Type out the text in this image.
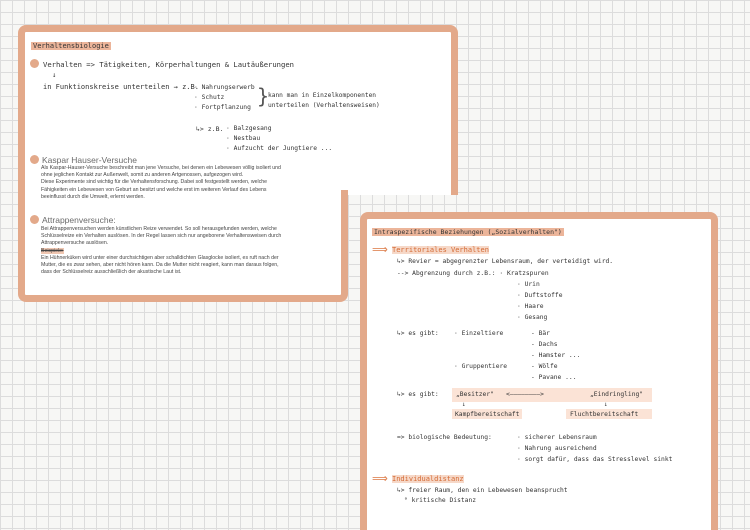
Verhaltensbiologie
Verhalten => Tätigkeiten, Körperhaltungen & Lautäußerungen
↓
in Funktionskreise unterteilen → z.B.
· Nahrungserwerb
· Schutz
· Fortpflanzung }
kann man in Einzelkomponenten
unterteilen (Verhaltensweisen)
↳> z.B. · Balzgesang
· Nestbau
· Aufzucht der Jungtiere ...
Kaspar Hauser-Versuche
Als Kaspar-Hauser-Versuche beschreibt man jene Versuche, bei denen ein Lebewesen völlig isoliert und
ohne jeglichen Kontakt zur Außenwelt, somit zu anderen Artgenossen, aufgezogen wird.
Diese Experimente sind wichtig für die Verhaltensforschung. Dabei soll festgestellt werden, welche
Fähigkeiten ein Lebewesen von Geburt an besitzt und welche erst im weiteren Verlauf des Lebens
beeinflusst durch die Umwelt, erlernt werden.
Attrappenversuche:
Bei Attrappenversuchen werden künstlichen Reize verwendet. So soll herausgefunden werden, welche
Schlüsselreize ein Verhalten auslösen. In der Regel lassen sich nur angeborene Verhaltensweisen durch
Attrappenversuche auslösen.
Beispiele:
Ein Hühnerküken wird unter einer durchsichtigen aber schalldichten Glasglocke isoliert, es ruft nach der
Mutter, die es zwar sehen, aber nicht hören kann. Da die Mutter nicht reagiert, kann man daraus folgen,
dass der Schlüsselreiz ausschließlich der akustische Laut ist.
Intraspezifische Beziehungen („Sozialverhalten")
⟹ Territoriales Verhalten
↳> Revier = abgegrenzter Lebensraum, der verteidigt wird.
--> Abgrenzung durch z.B.: · Kratzspuren
· Urin
· Duftstoffe
· Haare
· Gesang
↳> es gibt: · Einzeltiere	- Bär
- Dachs
- Hamster ...
· Gruppentiere	- Wölfe
- Pavane ...
↳> es gibt:	„Besitzer" <————————>	„Eindringling"
↓	↓
Kampfbereitschaft	Fluchtbereitschaft
=> biologische Bedeutung:	· sicherer Lebensraum
· Nahrung ausreichend
· sorgt dafür, dass das Stresslevel sinkt
⟹ Individualdistanz
↳> freier Raum, den ein Lebewesen beansprucht
° kritische Distanz
